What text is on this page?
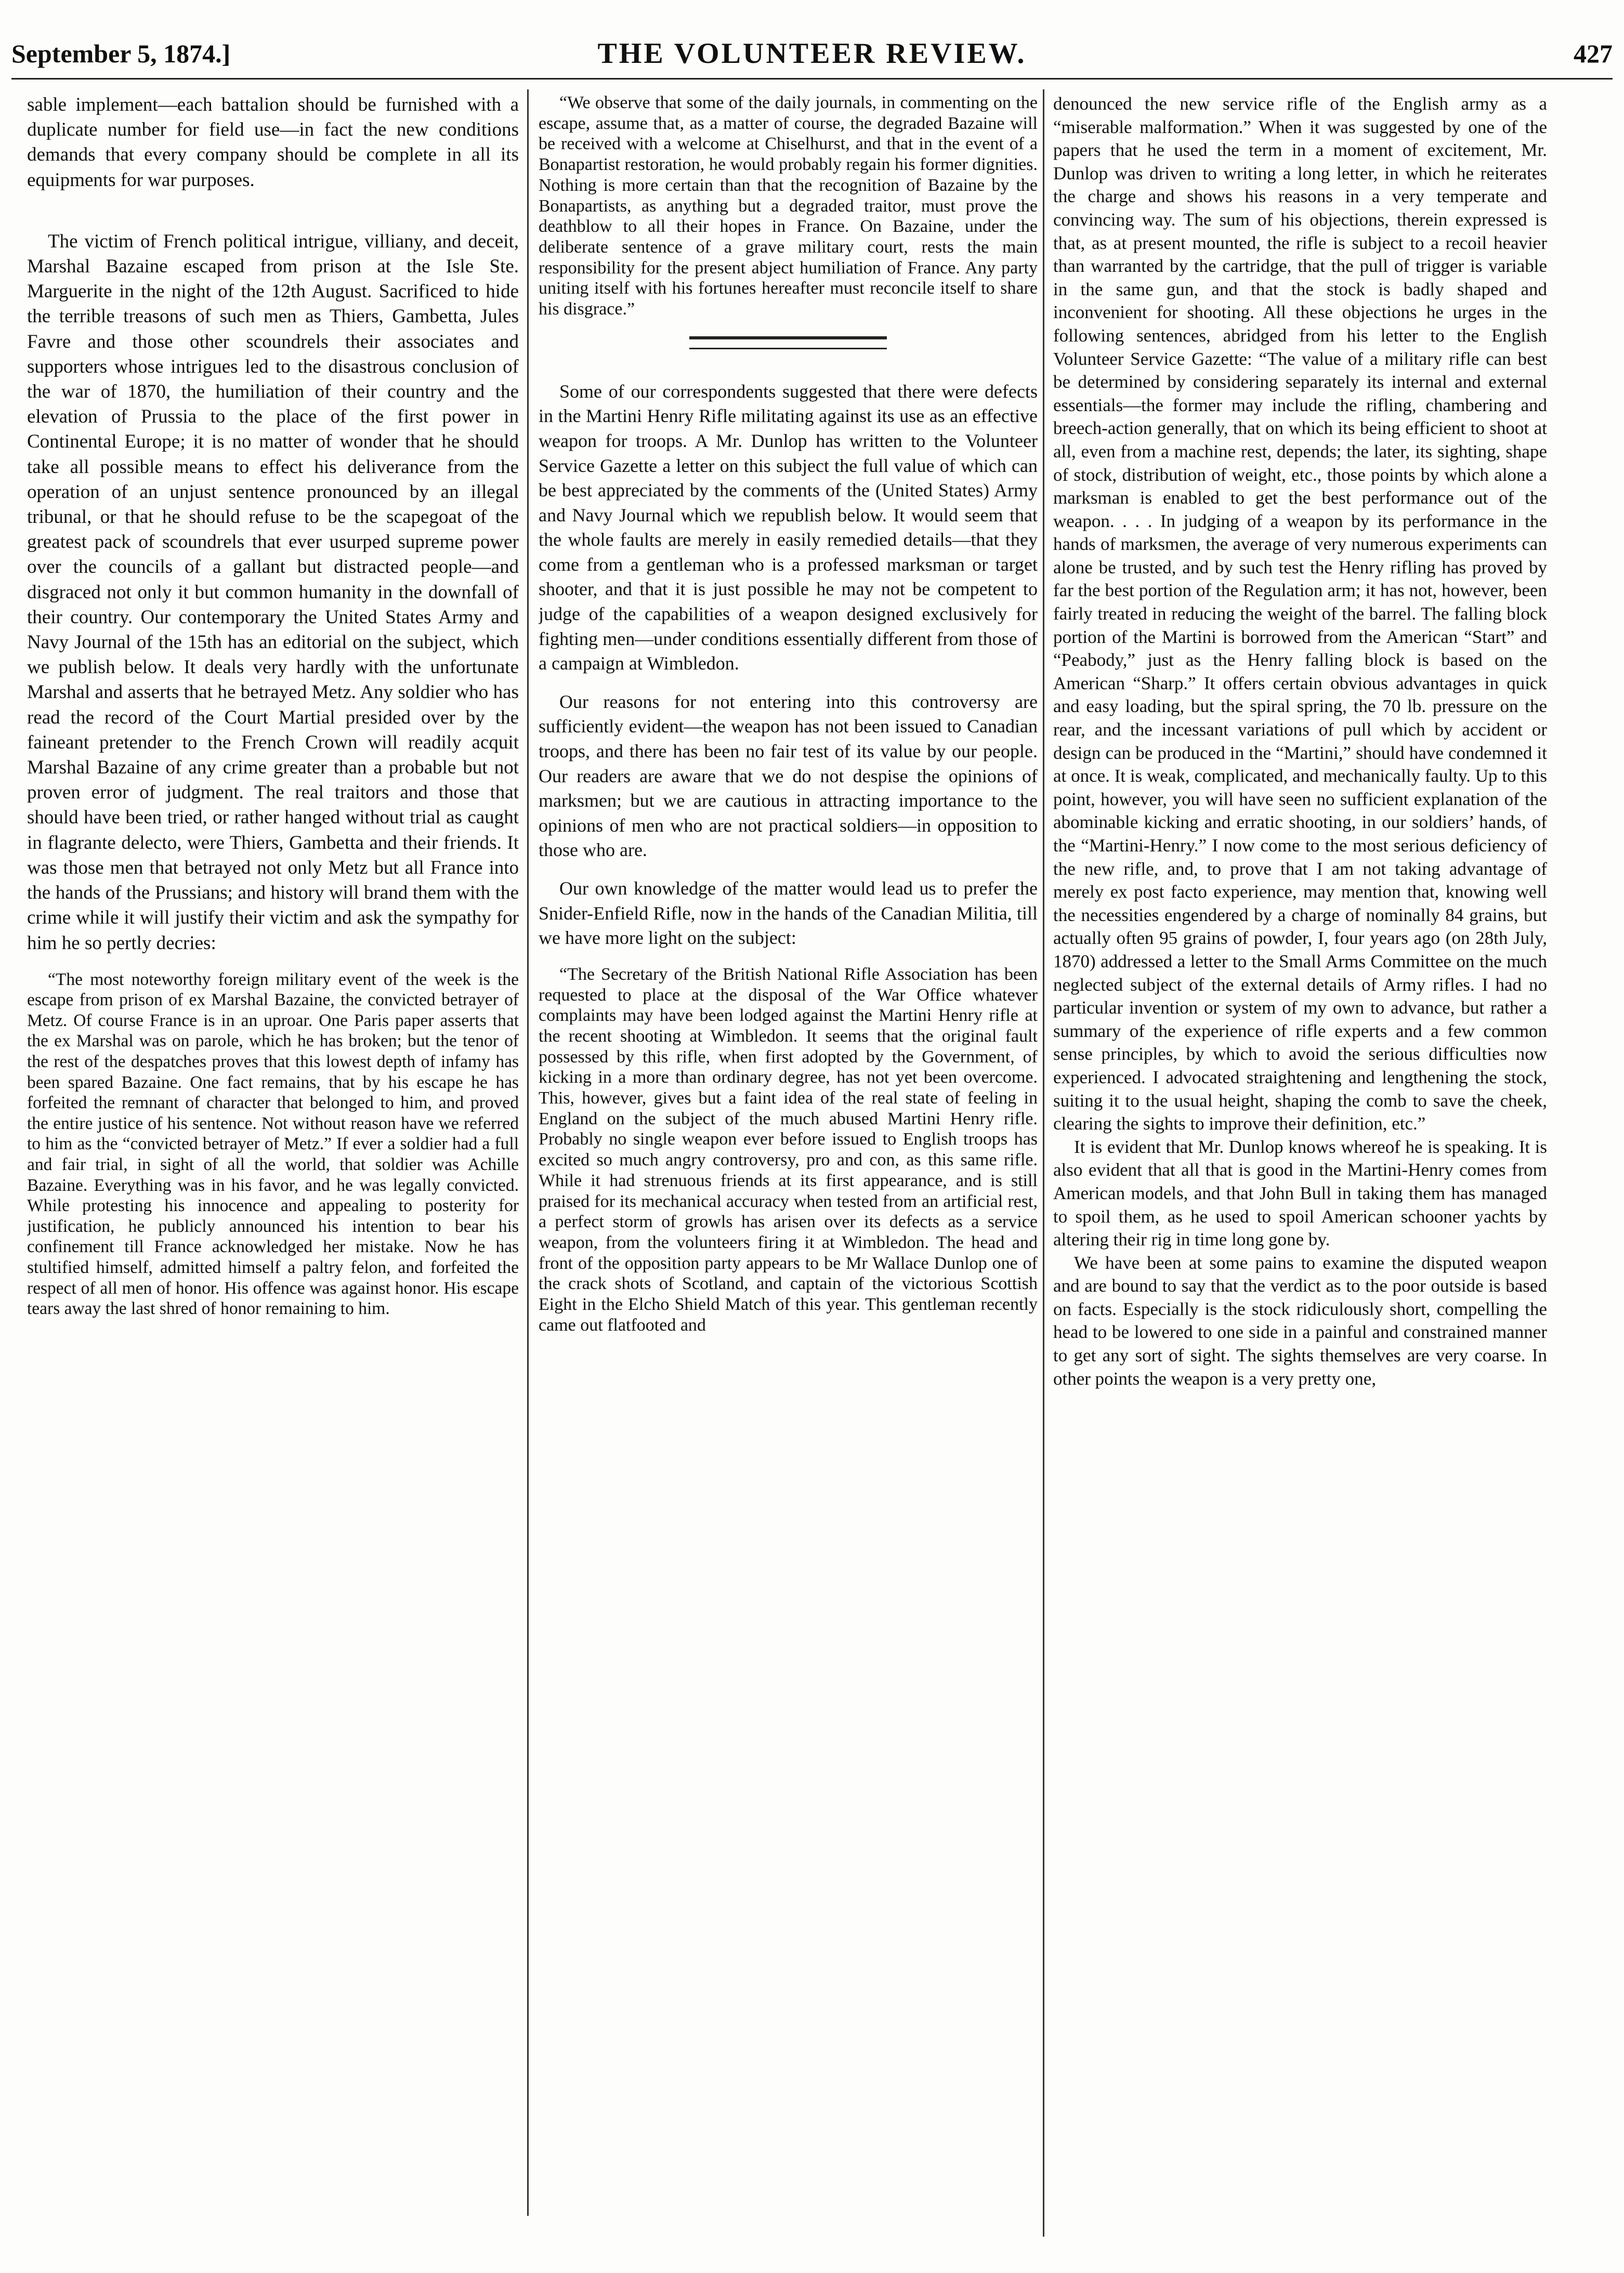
THE VOLUNTEER REVIEW.
September 5, 1874.]	427

sable implement—each battalion should be furnished with a duplicate number for field use—in fact the new conditions demands that every company should be complete in all its equipments for war purposes.

The victim of French political intrigue, villiany, and deceit, Marshal Bazaine escaped from prison at the Isle Ste. Marguerite in the night of the 12th August. Sacrificed to hide the terrible treasons of such men as Thiers, Gambetta, Jules Favre and those other scoundrels their associates and supporters whose intrigues led to the disastrous conclusion of the war of 1870, the humiliation of their country and the elevation of Prussia to the place of the first power in Continental Europe; it is no matter of wonder that he should take all possible means to effect his deliverance from the operation of an unjust sentence pronounced by an illegal tribunal, or that he should refuse to be the scapegoat of the greatest pack of scoundrels that ever usurped supreme power over the councils of a gallant but distracted people—and disgraced not only it but common humanity in the downfall of their country. Our contemporary the United States Army and Navy Journal of the 15th has an editorial on the subject, which we publish below. It deals very hardly with the unfortunate Marshal and asserts that he betrayed Metz. Any soldier who has read the record of the Court Martial presided over by the faineant pretender to the French Crown will readily acquit Marshal Bazaine of any crime greater than a probable but not proven error of judgment. The real traitors and those that should have been tried, or rather hanged without trial as caught in flagrante delecto, were Thiers, Gambetta and their friends. It was those men that betrayed not only Metz but all France into the hands of the Prussians; and history will brand them with the crime while it will justify their victim and ask the sympathy for him he so pertly decries:

“The most noteworthy foreign military event of the week is the escape from prison of ex Marshal Bazaine, the convicted betrayer of Metz. Of course France is in an uproar. One Paris paper asserts that the ex Marshal was on parole, which he has broken; but the tenor of the rest of the despatches proves that this lowest depth of infamy has been spared Bazaine. One fact remains, that by his escape he has forfeited the remnant of character that belonged to him, and proved the entire justice of his sentence. Not without reason have we referred to him as the “convicted betrayer of Metz.” If ever a soldier had a full and fair trial, in sight of all the world, that soldier was Achille Bazaine. Everything was in his favor, and he was legally convicted. While protesting his innocence and appealing to posterity for justification, he publicly announced his intention to bear his confinement till France acknowledged her mistake. Now he has stultified himself, admitted himself a paltry felon, and forfeited the respect of all men of honor. His offence was against honor. His escape tears away the last shred of honor remaining to him.

“We observe that some of the daily journals, in commenting on the escape, assume that, as a matter of course, the degraded Bazaine will be received with a welcome at Chiselhurst, and that in the event of a Bonapartist restoration, he would probably regain his former dignities. Nothing is more certain than that the recognition of Bazaine by the Bonapartists, as anything but a degraded traitor, must prove the deathblow to all their hopes in France. On Bazaine, under the deliberate sentence of a grave military court, rests the main responsibility for the present abject humiliation of France. Any party uniting itself with his fortunes hereafter must reconcile itself to share his disgrace.”

Some of our correspondents suggested that there were defects in the Martini Henry Rifle militating against its use as an effective weapon for troops. A Mr. Dunlop has written to the Volunteer Service Gazette a letter on this subject the full value of which can be best appreciated by the comments of the (United States) Army and Navy Journal which we republish below. It would seem that the whole faults are merely in easily remedied details—that they come from a gentleman who is a professed marksman or target shooter, and that it is just possible he may not be competent to judge of the capabilities of a weapon designed exclusively for fighting men—under conditions essentially different from those of a campaign at Wimbledon.

Our reasons for not entering into this controversy are sufficiently evident—the weapon has not been issued to Canadian troops, and there has been no fair test of its value by our people. Our readers are aware that we do not despise the opinions of marksmen; but we are cautious in attracting importance to the opinions of men who are not practical soldiers—in opposition to those who are.

Our own knowledge of the matter would lead us to prefer the Snider-Enfield Rifle, now in the hands of the Canadian Militia, till we have more light on the subject:

“The Secretary of the British National Rifle Association has been requested to place at the disposal of the War Office whatever complaints may have been lodged against the Martini Henry rifle at the recent shooting at Wimbledon. It seems that the original fault possessed by this rifle, when first adopted by the Government, of kicking in a more than ordinary degree, has not yet been overcome. This, however, gives but a faint idea of the real state of feeling in England on the subject of the much abused Martini Henry rifle. Probably no single weapon ever before issued to English troops has excited so much angry controversy, pro and con, as this same rifle. While it had strenuous friends at its first appearance, and is still praised for its mechanical accuracy when tested from an artificial rest, a perfect storm of growls has arisen over its defects as a service weapon, from the volunteers firing it at Wimbledon. The head and front of the opposition party appears to be Mr Wallace Dunlop one of the crack shots of Scotland, and captain of the victorious Scottish Eight in the Elcho Shield Match of this year. This gentleman recently came out flatfooted and

denounced the new service rifle of the English army as a “miserable malformation.” When it was suggested by one of the papers that he used the term in a moment of excitement, Mr. Dunlop was driven to writing a long letter, in which he reiterates the charge and shows his reasons in a very temperate and convincing way. The sum of his objections, therein expressed is that, as at present mounted, the rifle is subject to a recoil heavier than warranted by the cartridge, that the pull of trigger is variable in the same gun, and that the stock is badly shaped and inconvenient for shooting. All these objections he urges in the following sentences, abridged from his letter to the English Volunteer Service Gazette: “The value of a military rifle can best be determined by considering separately its internal and external essentials—the former may include the rifling, chambering and breech-action generally, that on which its being efficient to shoot at all, even from a machine rest, depends; the later, its sighting, shape of stock, distribution of weight, etc., those points by which alone a marksman is enabled to get the best performance out of the weapon. . . . In judging of a weapon by its performance in the hands of marksmen, the average of very numerous experiments can alone be trusted, and by such test the Henry rifling has proved by far the best portion of the Regulation arm; it has not, however, been fairly treated in reducing the weight of the barrel. The falling block portion of the Martini is borrowed from the American “Start” and “Peabody,” just as the Henry falling block is based on the American “Sharp.” It offers certain obvious advantages in quick and easy loading, but the spiral spring, the 70 lb. pressure on the rear, and the incessant variations of pull which by accident or design can be produced in the “Martini,” should have condemned it at once. It is weak, complicated, and mechanically faulty. Up to this point, however, you will have seen no sufficient explanation of the abominable kicking and erratic shooting, in our soldiers’ hands, of the “Martini-Henry.” I now come to the most serious deficiency of the new rifle, and, to prove that I am not taking advantage of merely ex post facto experience, may mention that, knowing well the necessities engendered by a charge of nominally 84 grains, but actually often 95 grains of powder, I, four years ago (on 28th July, 1870) addressed a letter to the Small Arms Committee on the much neglected subject of the external details of Army rifles. I had no particular invention or system of my own to advance, but rather a summary of the experience of rifle experts and a few common sense principles, by which to avoid the serious difficulties now experienced. I advocated straightening and lengthening the stock, suiting it to the usual height, shaping the comb to save the cheek, clearing the sights to improve their definition, etc.”

It is evident that Mr. Dunlop knows whereof he is speaking. It is also evident that all that is good in the Martini-Henry comes from American models, and that John Bull in taking them has managed to spoil them, as he used to spoil American schooner yachts by altering their rig in time long gone by.

We have been at some pains to examine the disputed weapon and are bound to say that the verdict as to the poor outside is based on facts. Especially is the stock ridiculously short, compelling the head to be lowered to one side in a painful and constrained manner to get any sort of sight. The sights themselves are very coarse. In other points the weapon is a very pretty one,
